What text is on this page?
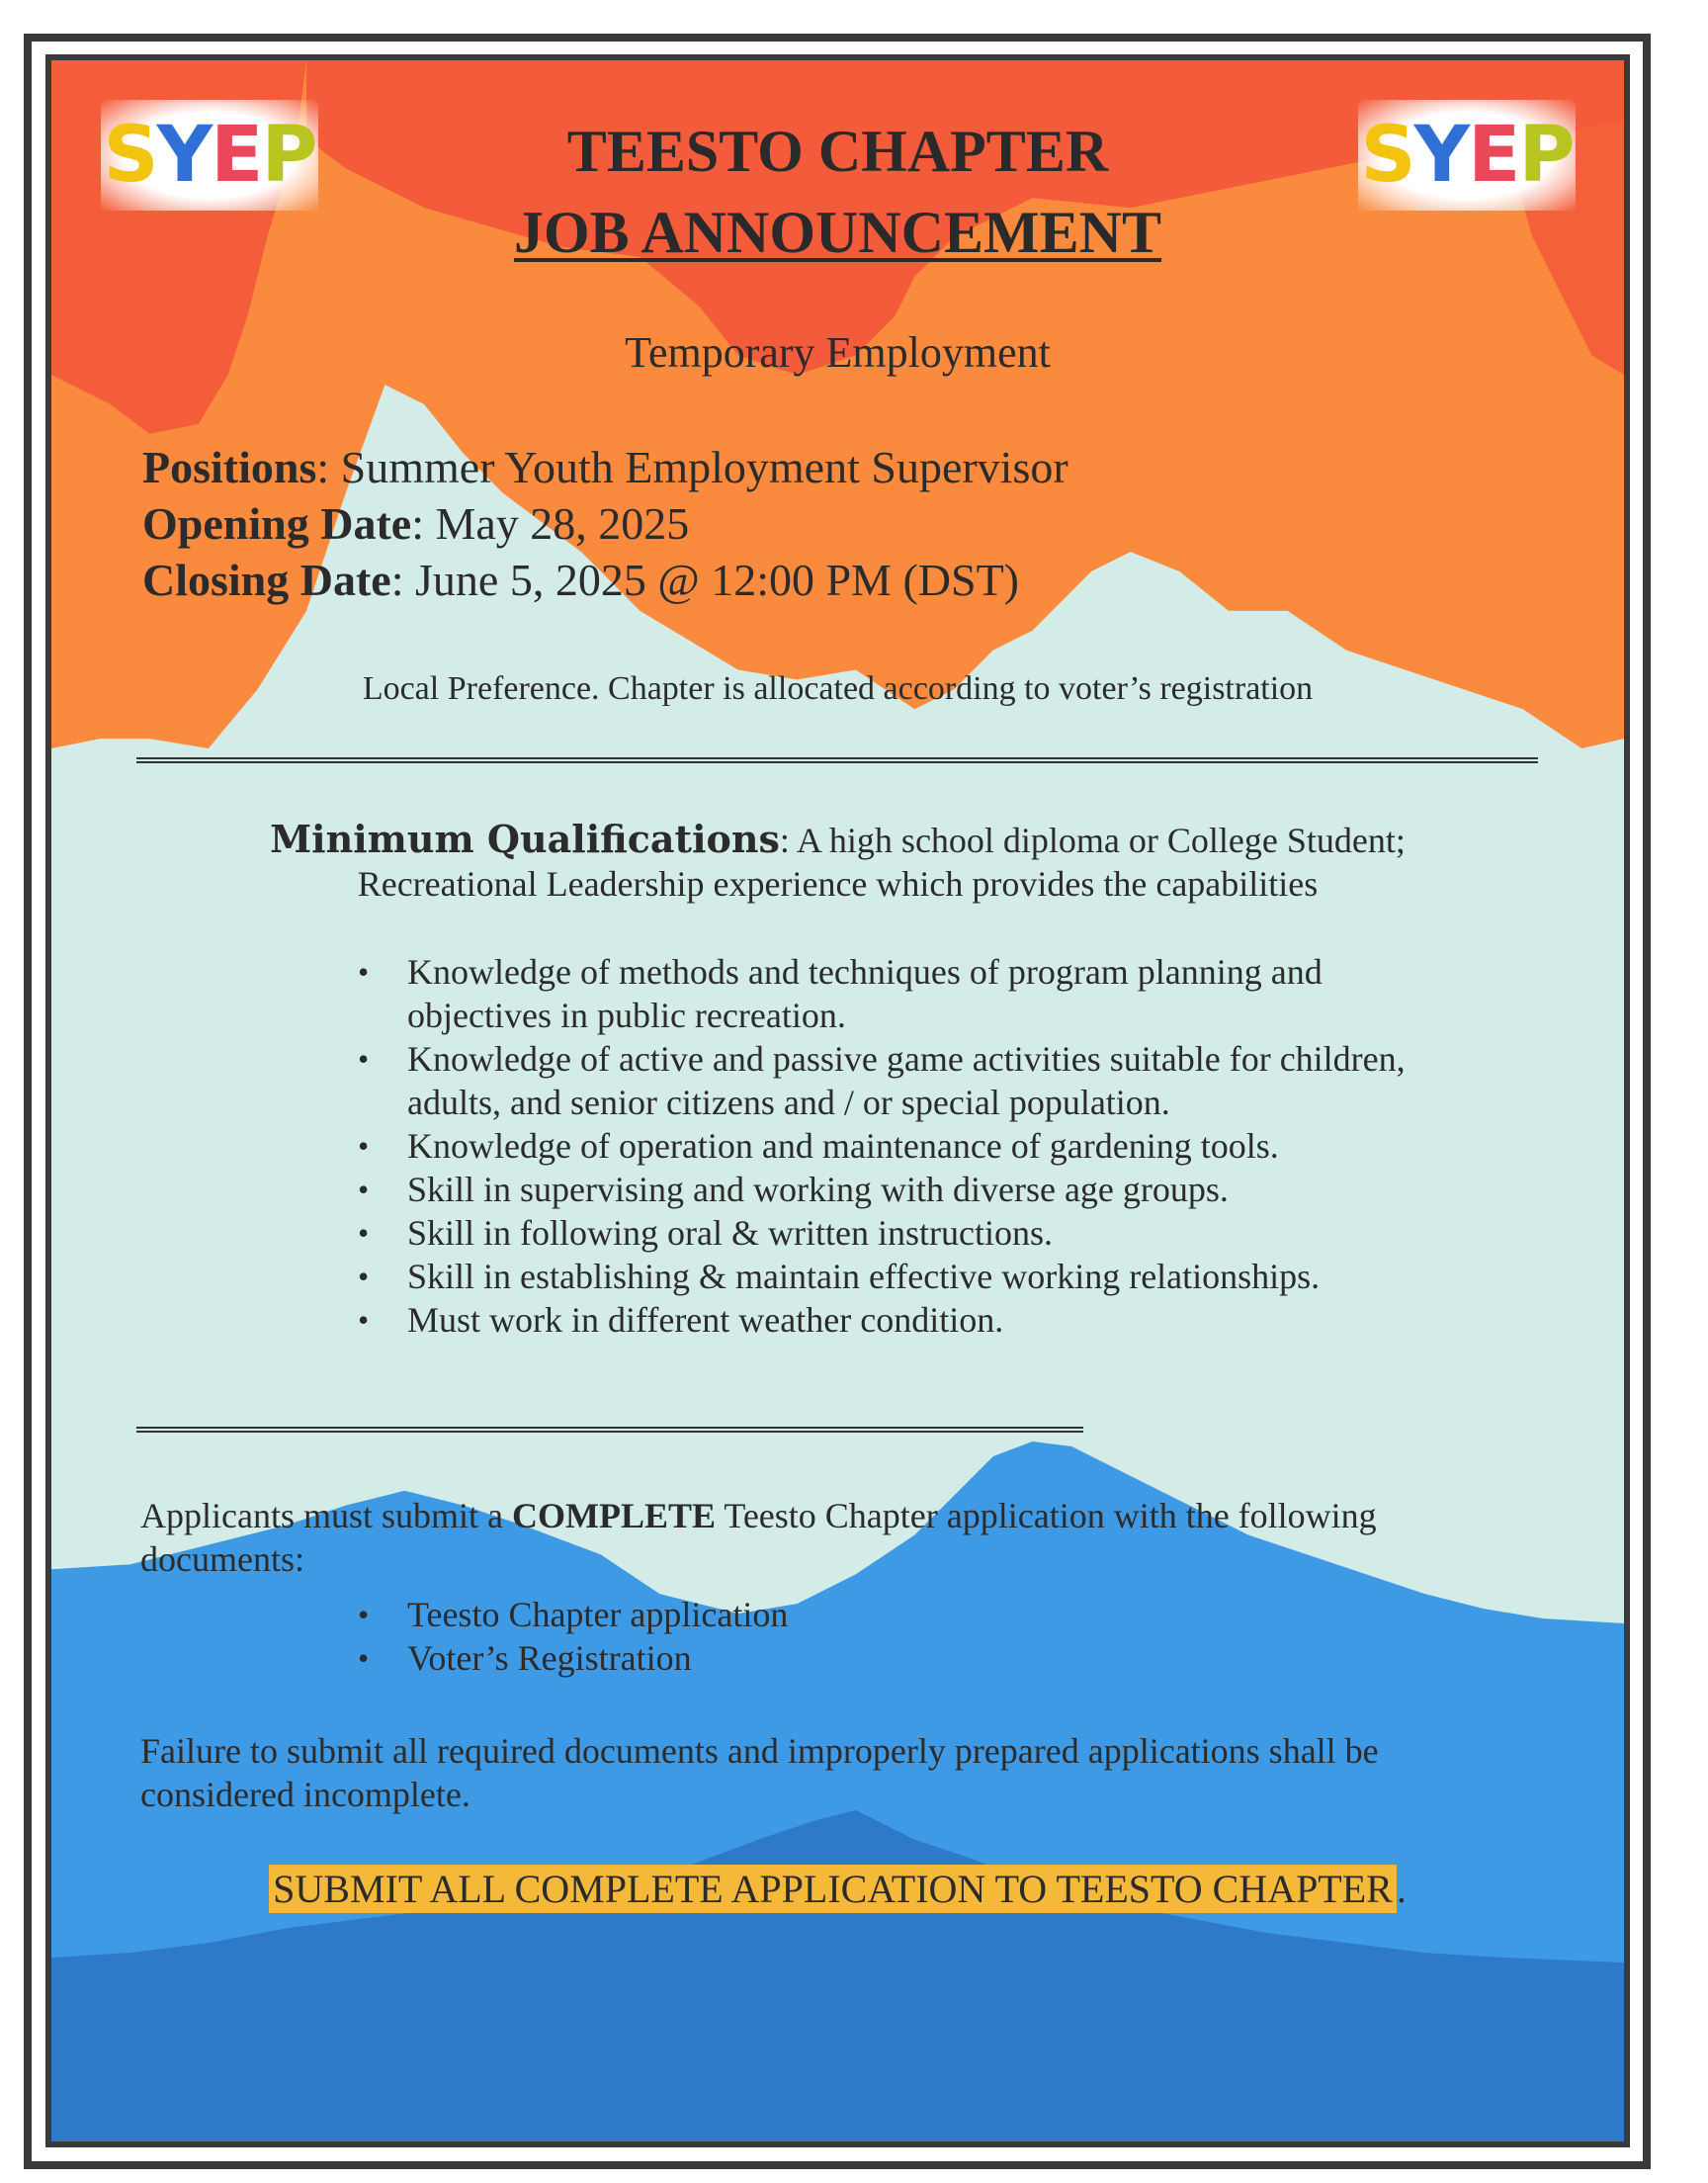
S Y E P	S Y E P
TEESTO CHAPTER
JOB ANNOUNCEMENT
Temporary Employment
Positions: Summer Youth Employment Supervisor
Opening Date: May 28, 2025
Closing Date: June 5, 2025 @ 12:00 PM (DST)
Local Preference. Chapter is allocated according to voter’s registration
Minimum Qualifications: A high school diploma or College Student;
Recreational Leadership experience which provides the capabilities
• Knowledge of methods and techniques of program planning and
objectives in public recreation.
• Knowledge of active and passive game activities suitable for children,
adults, and senior citizens and / or special population.
• Knowledge of operation and maintenance of gardening tools.
• Skill in supervising and working with diverse age groups.
• Skill in following oral & written instructions.
• Skill in establishing & maintain effective working relationships.
• Must work in different weather condition.
Applicants must submit a COMPLETE Teesto Chapter application with the following
documents:
• Teesto Chapter application
• Voter’s Registration
Failure to submit all required documents and improperly prepared applications shall be
considered incomplete.
SUBMIT ALL COMPLETE APPLICATION TO TEESTO CHAPTER .
